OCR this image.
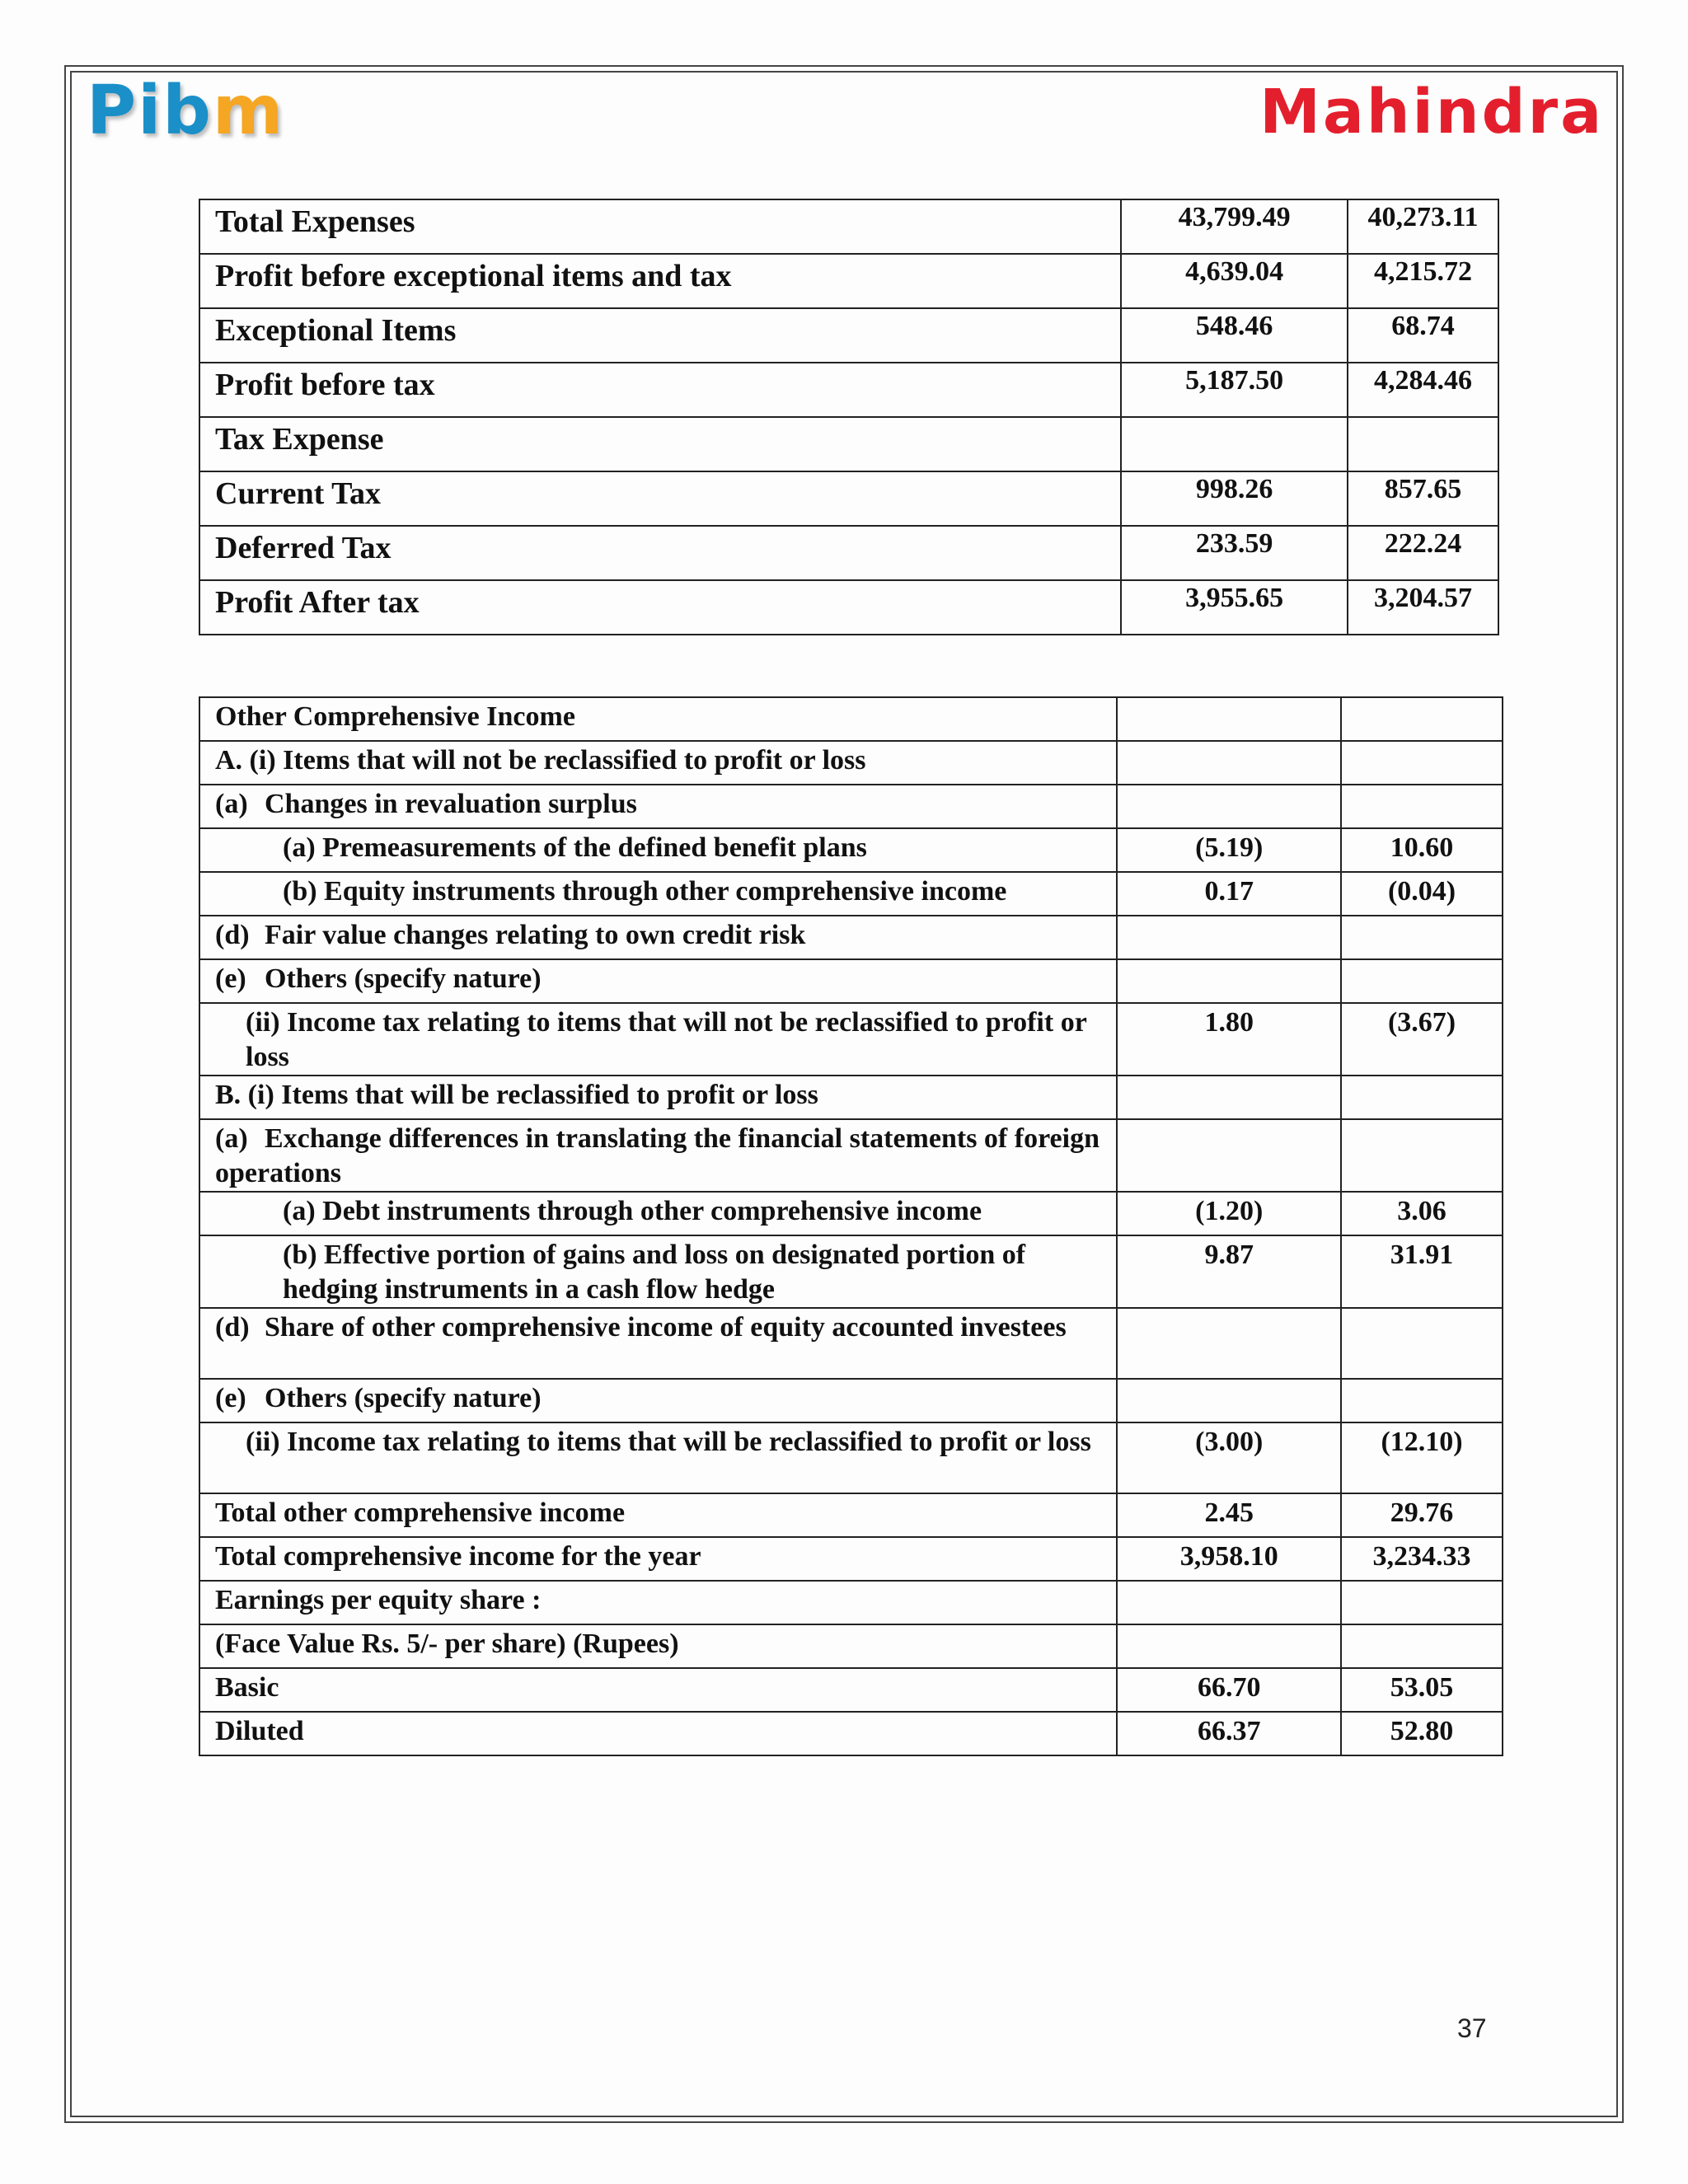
Pibm	Mahindra
Total Expenses	43,799.49	40,273.11
Profit before exceptional items and tax	4,639.04	4,215.72
Exceptional Items	548.46	68.74
Profit before tax	5,187.50	4,284.46
Tax Expense		
Current Tax	998.26	857.65
Deferred Tax	233.59	222.24
Profit After tax	3,955.65	3,204.57
Other Comprehensive Income		
A. (i) Items that will not be reclassified to profit or loss		
(a) Changes in revaluation surplus		
(a) Premeasurements of the defined benefit plans	(5.19)	10.60
(b) Equity instruments through other comprehensive income	0.17	(0.04)
(d) Fair value changes relating to own credit risk		
(e) Others (specify nature)		
(ii) Income tax relating to items that will not be reclassified to profit or loss	1.80	(3.67)
B. (i) Items that will be reclassified to profit or loss		
(a) Exchange differences in translating the financial statements of foreign operations		
(a) Debt instruments through other comprehensive income	(1.20)	3.06
(b) Effective portion of gains and loss on designated portion of hedging instruments in a cash flow hedge	9.87	31.91
(d) Share of other comprehensive income of equity accounted investees		
(e) Others (specify nature)		
(ii) Income tax relating to items that will be reclassified to profit or loss	(3.00)	(12.10)
Total other comprehensive income	2.45	29.76
Total comprehensive income for the year	3,958.10	3,234.33
Earnings per equity share :		
(Face Value Rs. 5/- per share) (Rupees)		
Basic	66.70	53.05
Diluted	66.37	52.80
37
